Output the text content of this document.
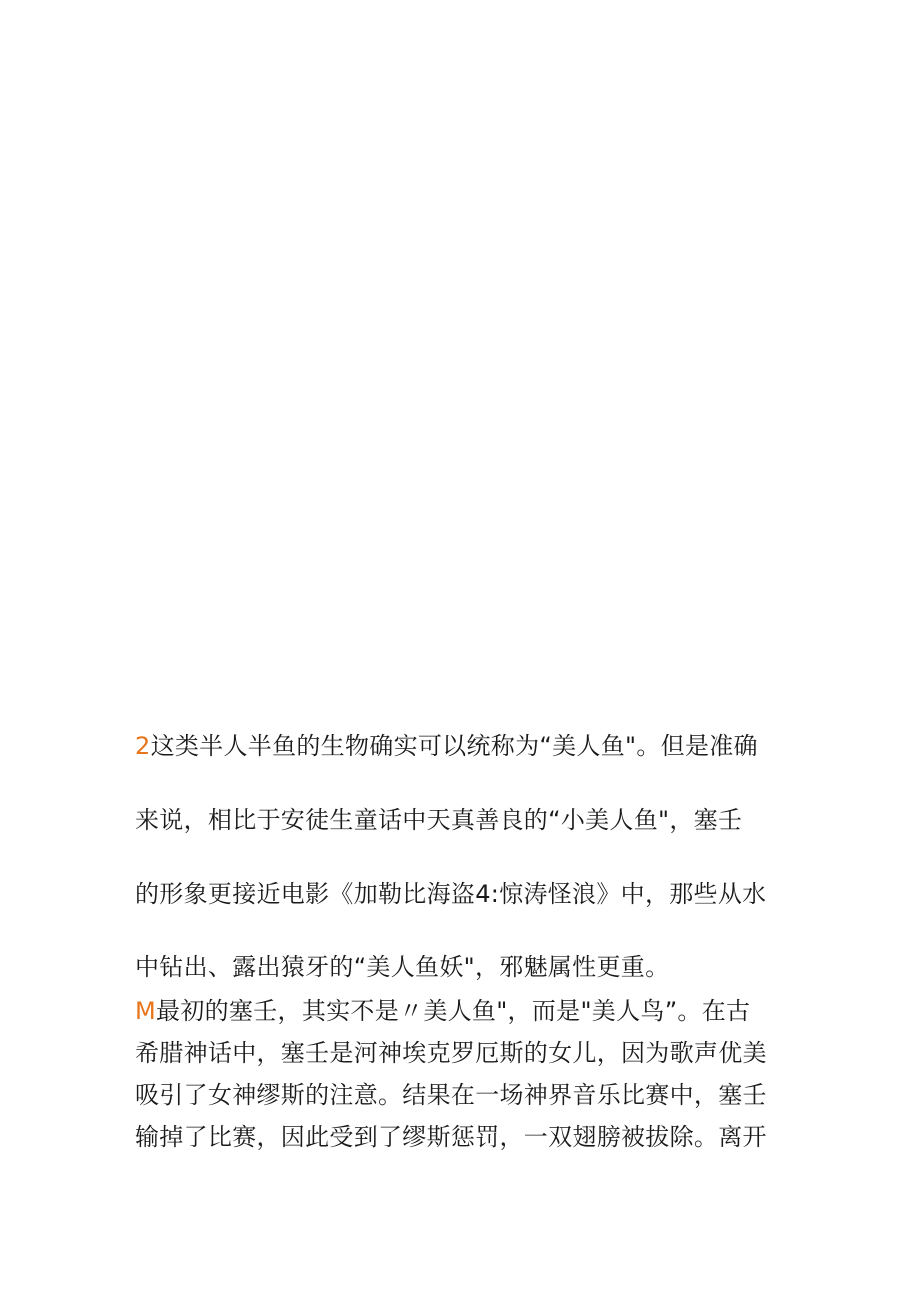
2这类半人半鱼的生物确实可以统称为“美人鱼"。但是准确
来说，相比于安徒生童话中天真善良的“小美人鱼"，塞壬
的形象更接近电影《加勒比海盗4:惊涛怪浪》中，那些从水
中钻出、露出猿牙的“美人鱼妖"，邪魅属性更重。
M最初的塞壬，其实不是〃美人鱼"，而是"美人鸟”。在古
希腊神话中，塞壬是河神埃克罗厄斯的女儿，因为歌声优美
吸引了女神缪斯的注意。结果在一场神界音乐比赛中，塞壬
输掉了比赛，因此受到了缪斯惩罚，一双翅膀被拔除。离开
